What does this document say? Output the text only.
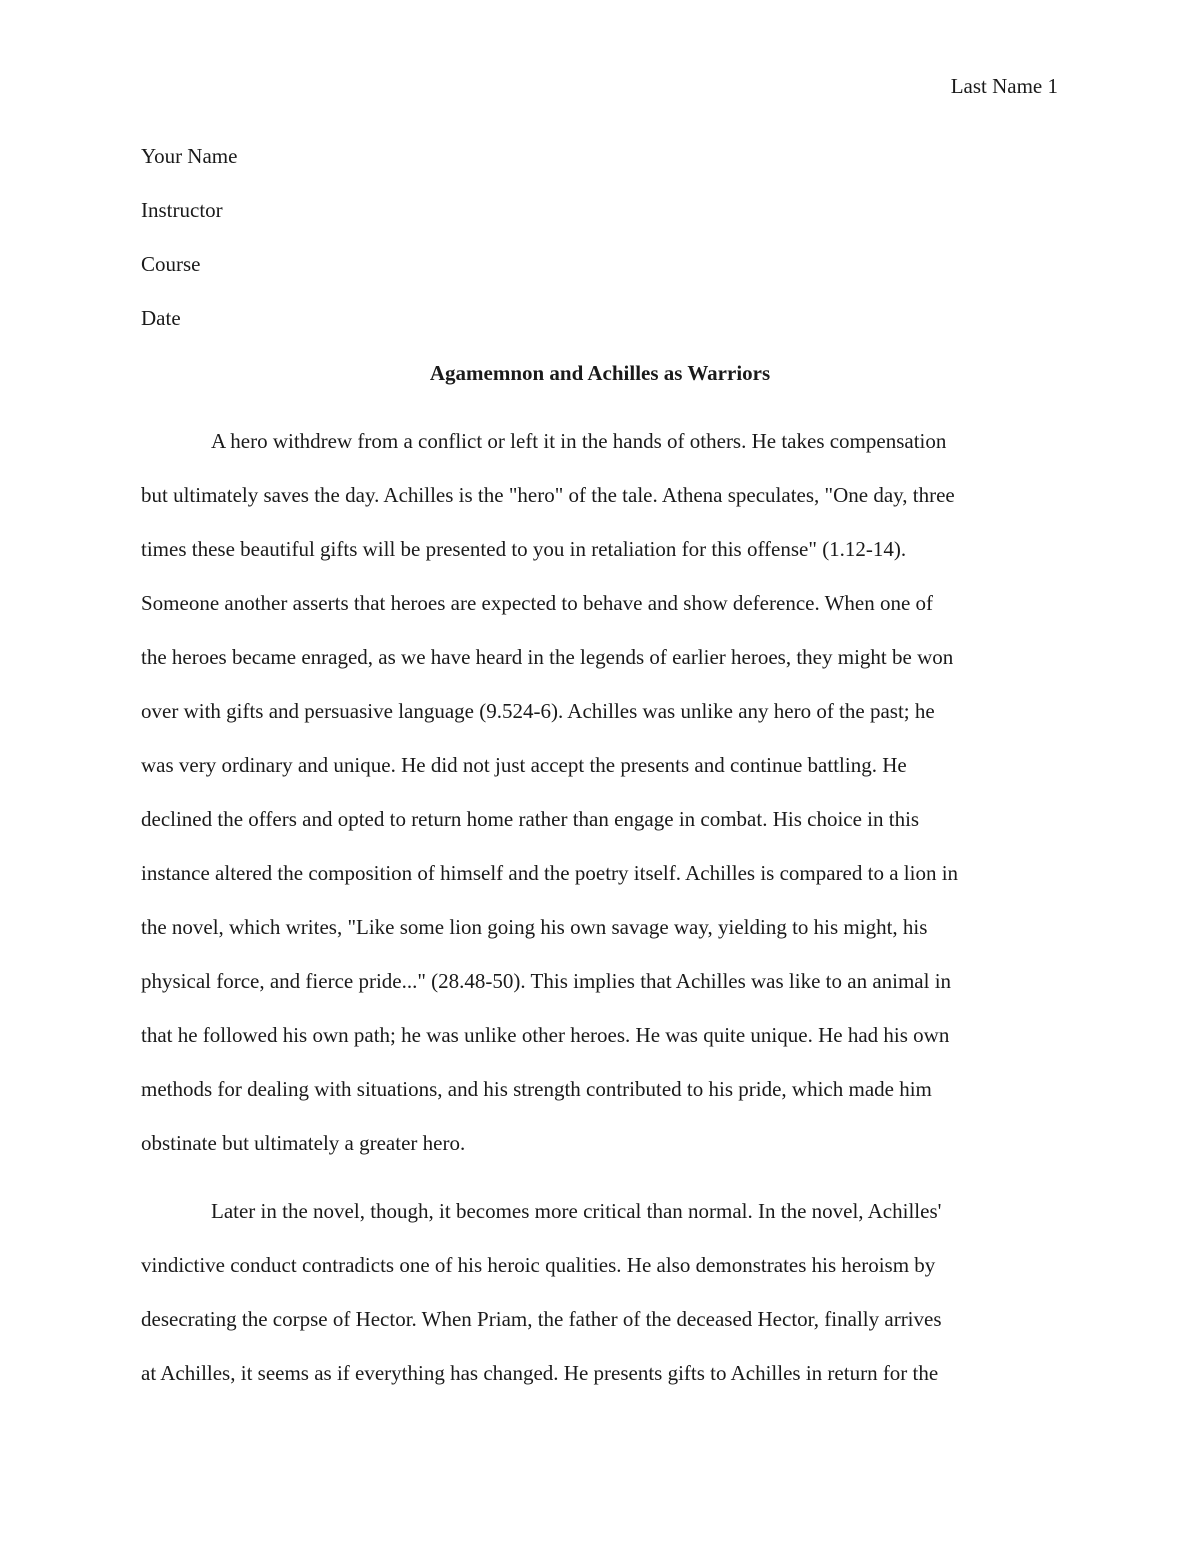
Last Name 1
Your Name
Instructor
Course
Date
Agamemnon and Achilles as Warriors
A hero withdrew from a conflict or left it in the hands of others. He takes compensation
but ultimately saves the day. Achilles is the "hero" of the tale. Athena speculates, "One day, three
times these beautiful gifts will be presented to you in retaliation for this offense" (1.12-14).
Someone another asserts that heroes are expected to behave and show deference. When one of
the heroes became enraged, as we have heard in the legends of earlier heroes, they might be won
over with gifts and persuasive language (9.524-6). Achilles was unlike any hero of the past; he
was very ordinary and unique. He did not just accept the presents and continue battling. He
declined the offers and opted to return home rather than engage in combat. His choice in this
instance altered the composition of himself and the poetry itself. Achilles is compared to a lion in
the novel, which writes, "Like some lion going his own savage way, yielding to his might, his
physical force, and fierce pride..." (28.48-50). This implies that Achilles was like to an animal in
that he followed his own path; he was unlike other heroes. He was quite unique. He had his own
methods for dealing with situations, and his strength contributed to his pride, which made him
obstinate but ultimately a greater hero.
Later in the novel, though, it becomes more critical than normal. In the novel, Achilles'
vindictive conduct contradicts one of his heroic qualities. He also demonstrates his heroism by
desecrating the corpse of Hector. When Priam, the father of the deceased Hector, finally arrives
at Achilles, it seems as if everything has changed. He presents gifts to Achilles in return for the
